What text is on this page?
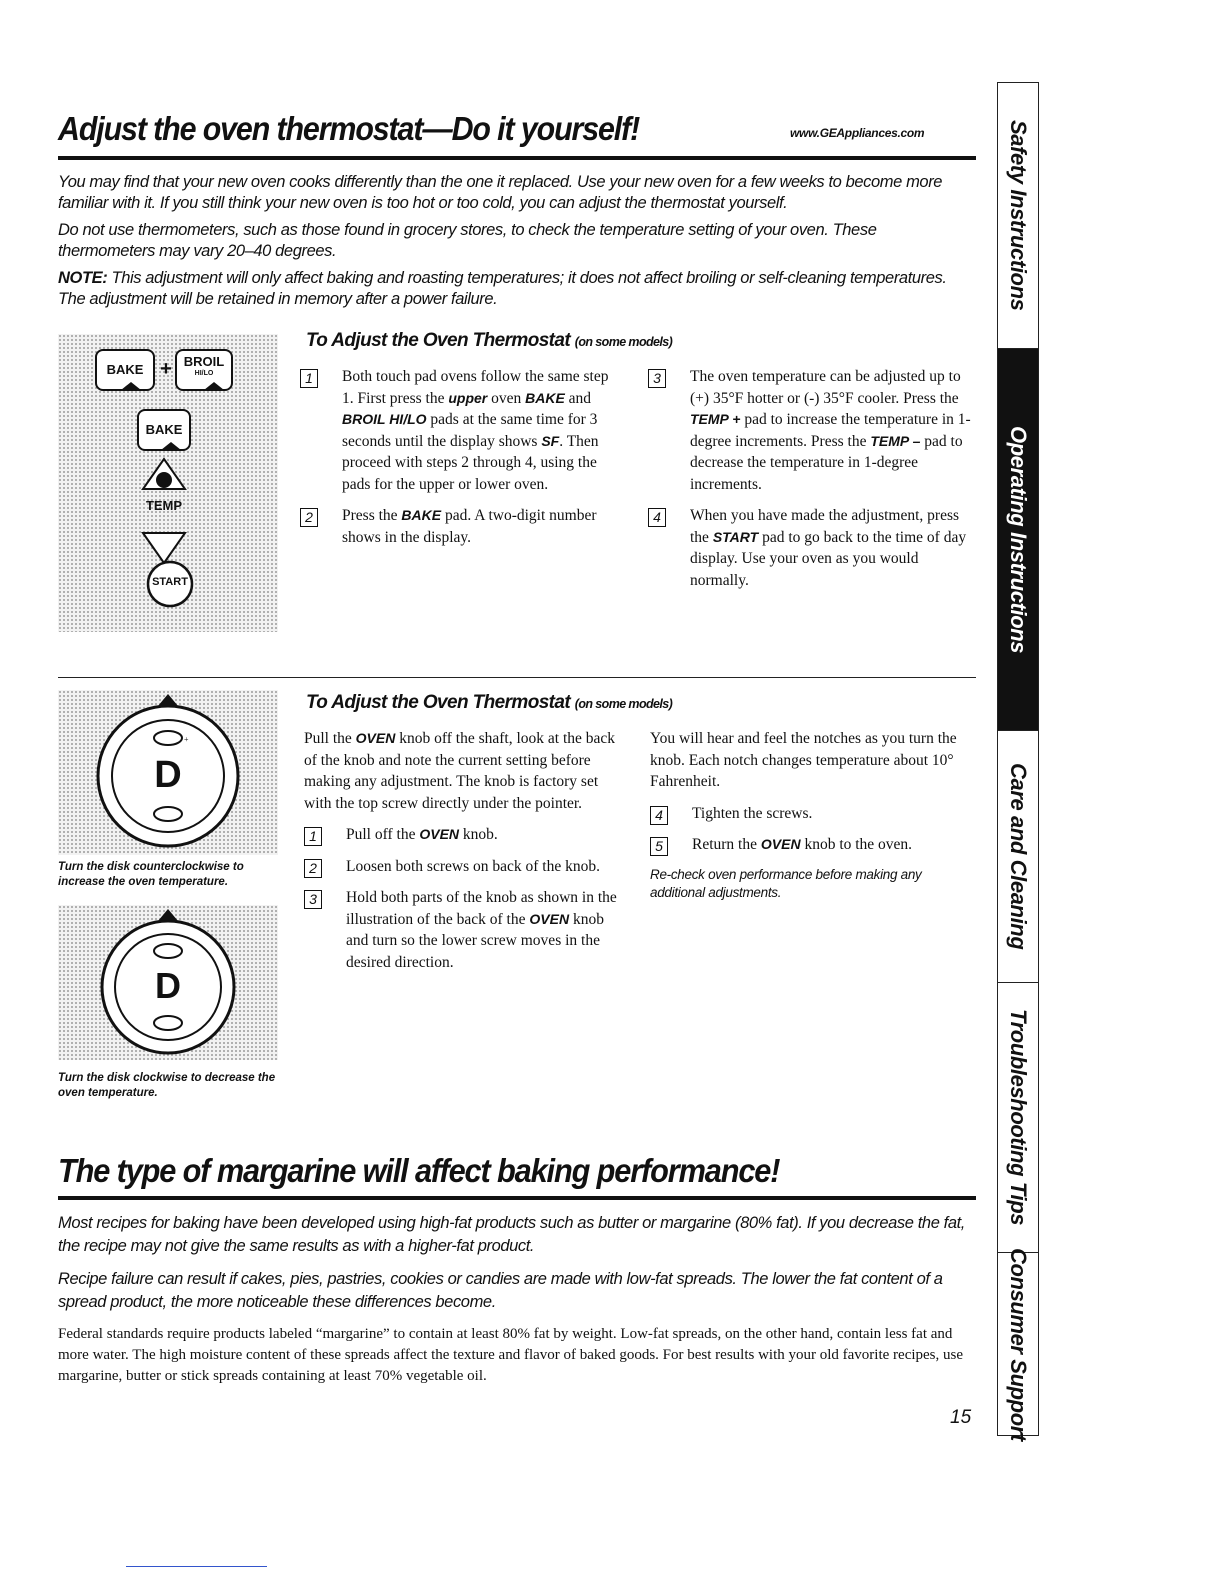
Adjust the oven thermostat—Do it yourself!	www.GEAppliances.com

You may find that your new oven cooks differently than the one it replaced. Use your new oven for a few weeks to become more familiar with it. If you still think your new oven is too hot or too cold, you can adjust the thermostat yourself.

Do not use thermometers, such as those found in grocery stores, to check the temperature setting of your oven. These thermometers may vary 20–40 degrees.

NOTE: This adjustment will only affect baking and roasting temperatures; it does not affect broiling or self-cleaning temperatures. The adjustment will be retained in memory after a power failure.

BAKE + BROIL
HI/LO
BAKE
TEMP
START
To Adjust the Oven Thermostat (on some models)
1	Both touch pad ovens follow the same step 1. First press the upper oven BAKE and BROIL HI/LO pads at the same time for 3 seconds until the display shows SF. Then proceed with steps 2 through 4, using the pads for the upper or lower oven.
2	Press the BAKE pad. A two-digit number shows in the display.
3	The oven temperature can be adjusted up to (+) 35°F hotter or (-) 35°F cooler. Press the TEMP + pad to increase the temperature in 1-degree increments. Press the TEMP – pad to decrease the temperature in 1-degree increments.
4	When you have made the adjustment, press the START pad to go back to the time of day display. Use your oven as you would normally.
+
D
Turn the disk counterclockwise to increase the oven temperature.
D
Turn the disk clockwise to decrease the oven temperature.
To Adjust the Oven Thermostat (on some models)
Pull the OVEN knob off the shaft, look at the back of the knob and note the current setting before making any adjustment. The knob is factory set with the top screw directly under the pointer.
1	Pull off the OVEN knob.
2	Loosen both screws on back of the knob.
3	Hold both parts of the knob as shown in the illustration of the back of the OVEN knob and turn so the lower screw moves in the desired direction.
You will hear and feel the notches as you turn the knob. Each notch changes temperature about 10° Fahrenheit.
4	Tighten the screws.
5	Return the OVEN knob to the oven.
Re-check oven performance before making any additional adjustments.
The type of margarine will affect baking performance!

Most recipes for baking have been developed using high-fat products such as butter or margarine (80% fat). If you decrease the fat, the recipe may not give the same results as with a higher-fat product.

Recipe failure can result if cakes, pies, pastries, cookies or candies are made with low-fat spreads. The lower the fat content of a spread product, the more noticeable these differences become.

Federal standards require products labeled “margarine” to contain at least 80% fat by weight. Low-fat spreads, on the other hand, contain less fat and more water. The high moisture content of these spreads affect the texture and flavor of baked goods. For best results with your old favorite recipes, use margarine, butter or stick spreads containing at least 70% vegetable oil.

15
Safety Instructions
Operating Instructions
Care and Cleaning
Troubleshooting Tips
Consumer Support
